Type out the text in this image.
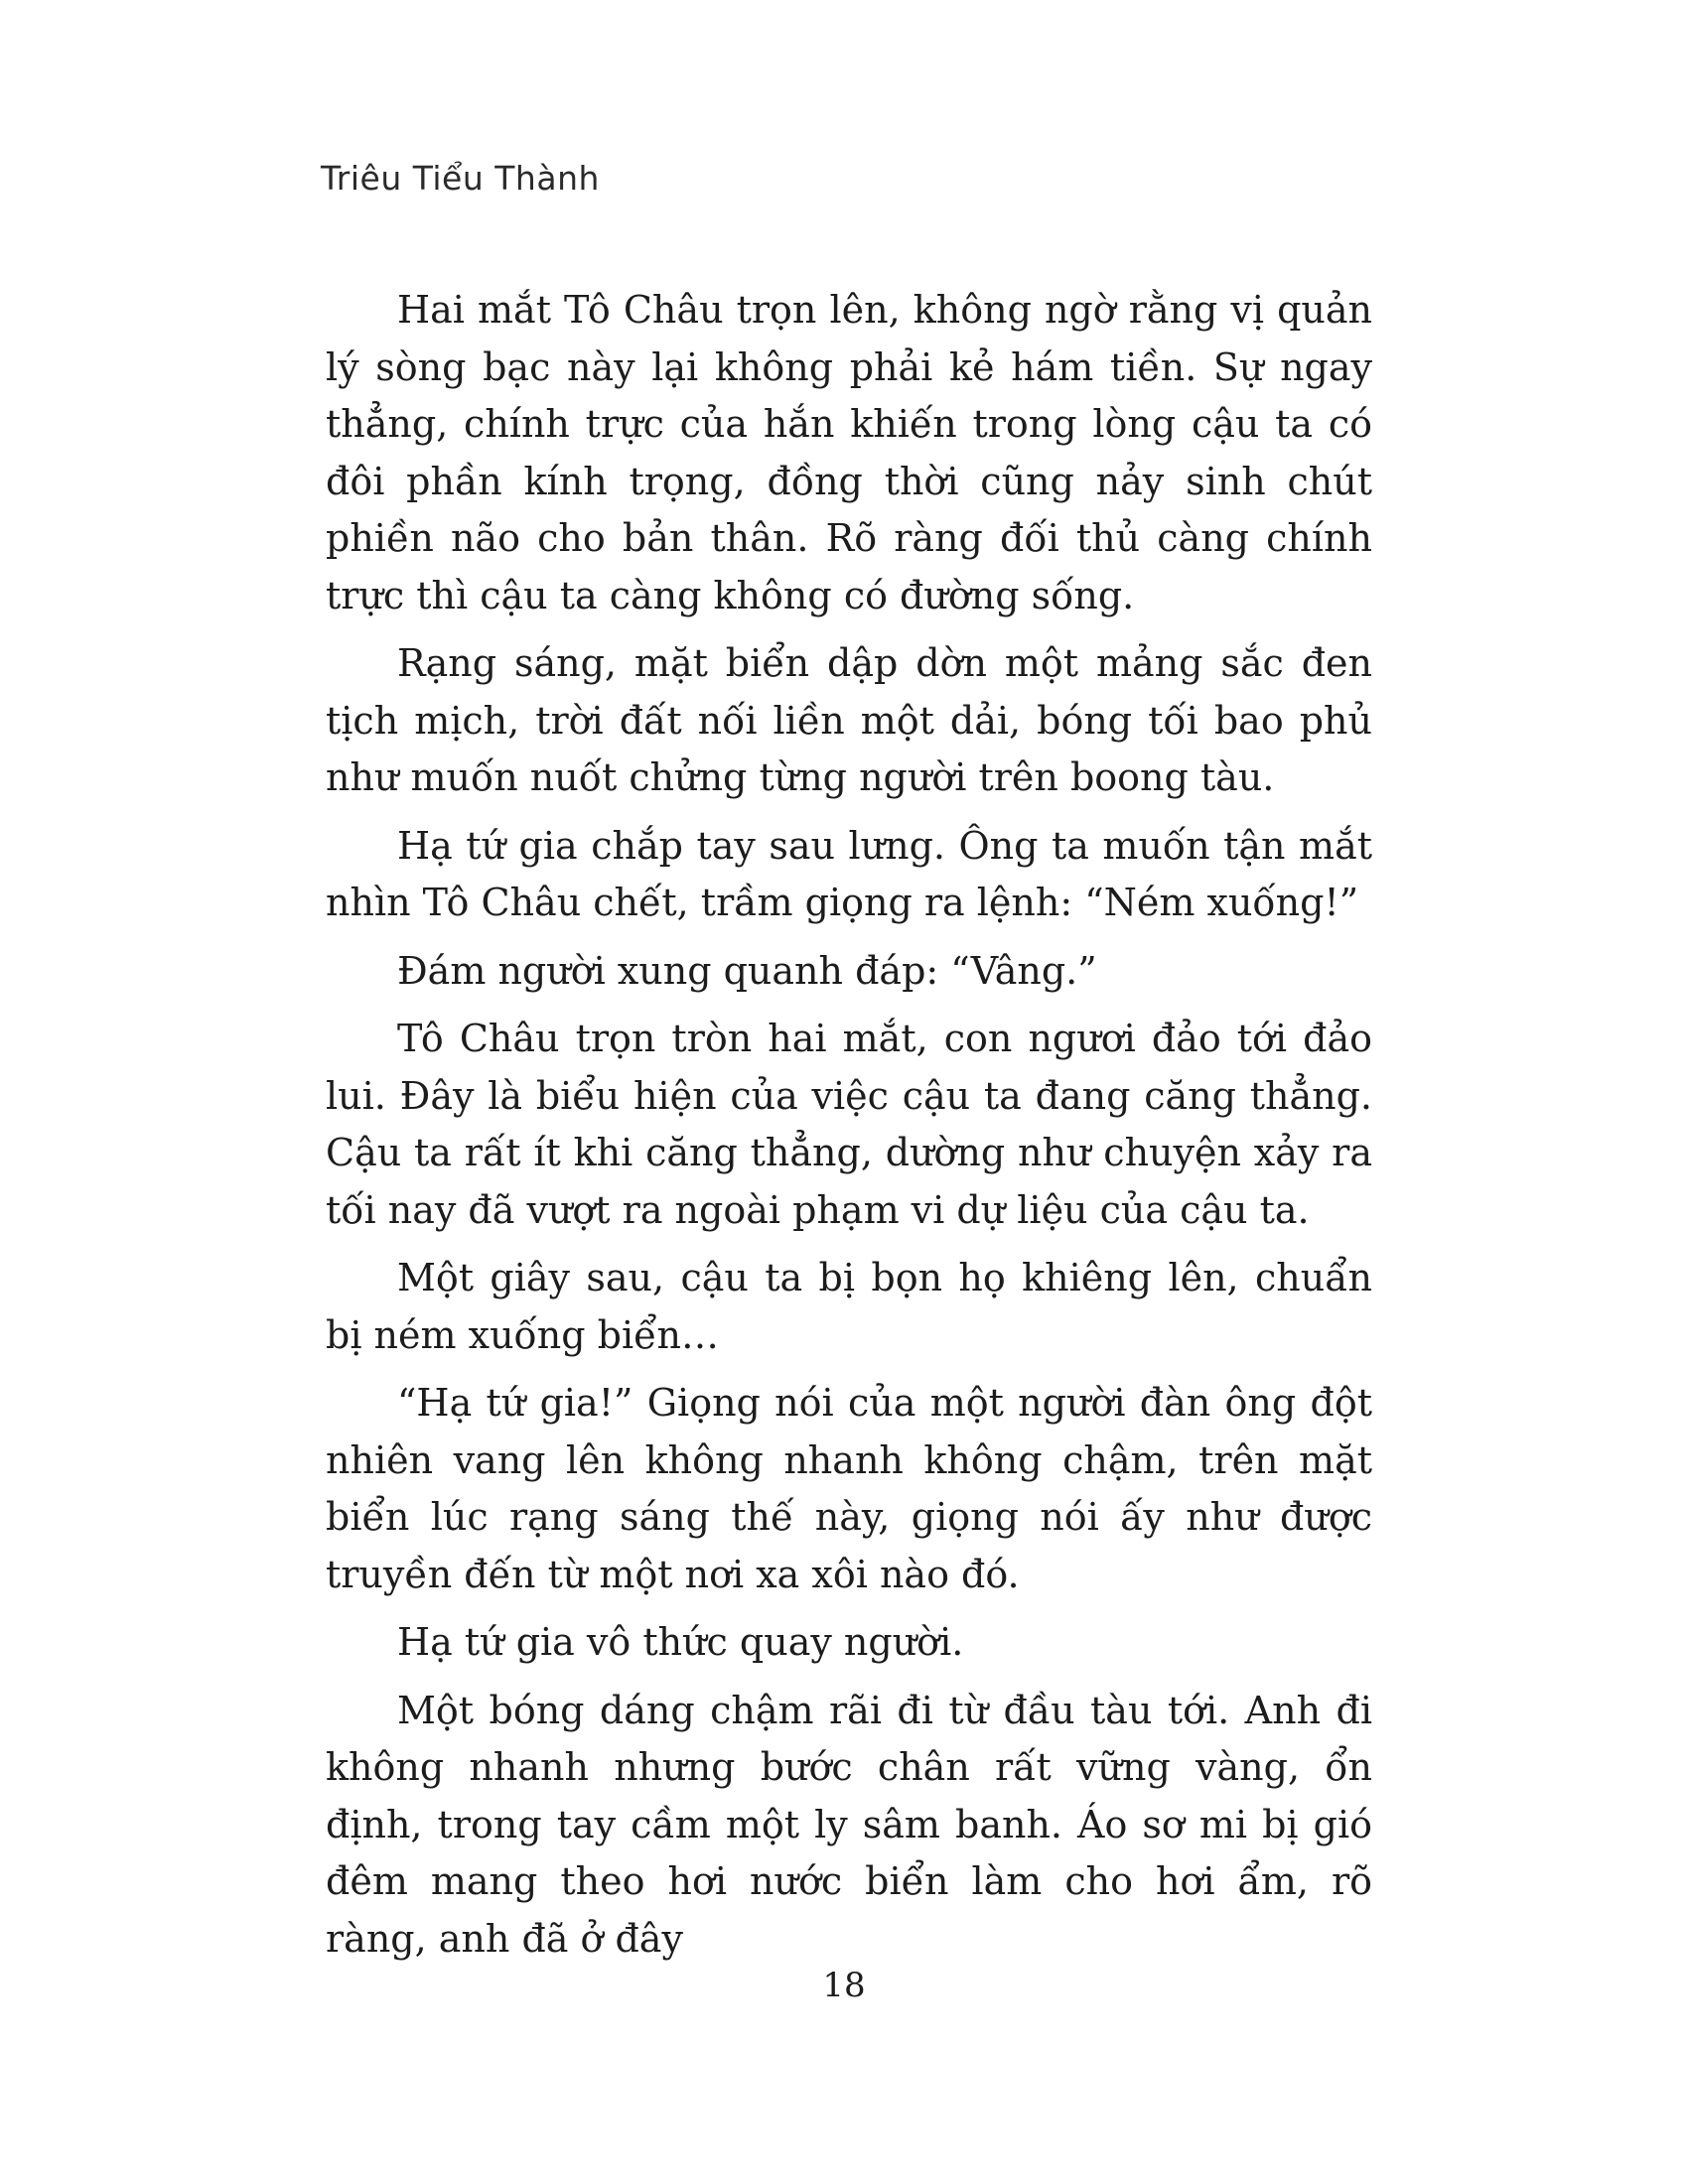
Triêu Tiểu Thành

Hai mắt Tô Châu trọn lên, không ngờ rằng vị quản lý sòng bạc này lại không phải kẻ hám tiền. Sự ngay thẳng, chính trực của hắn khiến trong lòng cậu ta có đôi phần kính trọng, đồng thời cũng nảy sinh chút phiền não cho bản thân. Rõ ràng đối thủ càng chính trực thì cậu ta càng không có đường sống.

Rạng sáng, mặt biển dập dờn một mảng sắc đen tịch mịch, trời đất nối liền một dải, bóng tối bao phủ như muốn nuốt chửng từng người trên boong tàu.

Hạ tứ gia chắp tay sau lưng. Ông ta muốn tận mắt nhìn Tô Châu chết, trầm giọng ra lệnh: “Ném xuống!”

Đám người xung quanh đáp: “Vâng.”

Tô Châu trọn tròn hai mắt, con ngươi đảo tới đảo lui. Đây là biểu hiện của việc cậu ta đang căng thẳng. Cậu ta rất ít khi căng thẳng, dường như chuyện xảy ra tối nay đã vượt ra ngoài phạm vi dự liệu của cậu ta.

Một giây sau, cậu ta bị bọn họ khiêng lên, chuẩn bị ném xuống biển…

“Hạ tứ gia!” Giọng nói của một người đàn ông đột nhiên vang lên không nhanh không chậm, trên mặt biển lúc rạng sáng thế này, giọng nói ấy như được truyền đến từ một nơi xa xôi nào đó.

Hạ tứ gia vô thức quay người.

Một bóng dáng chậm rãi đi từ đầu tàu tới. Anh đi không nhanh nhưng bước chân rất vững vàng, ổn định, trong tay cầm một ly sâm banh. Áo sơ mi bị gió đêm mang theo hơi nước biển làm cho hơi ẩm, rõ ràng, anh đã ở đây

18
